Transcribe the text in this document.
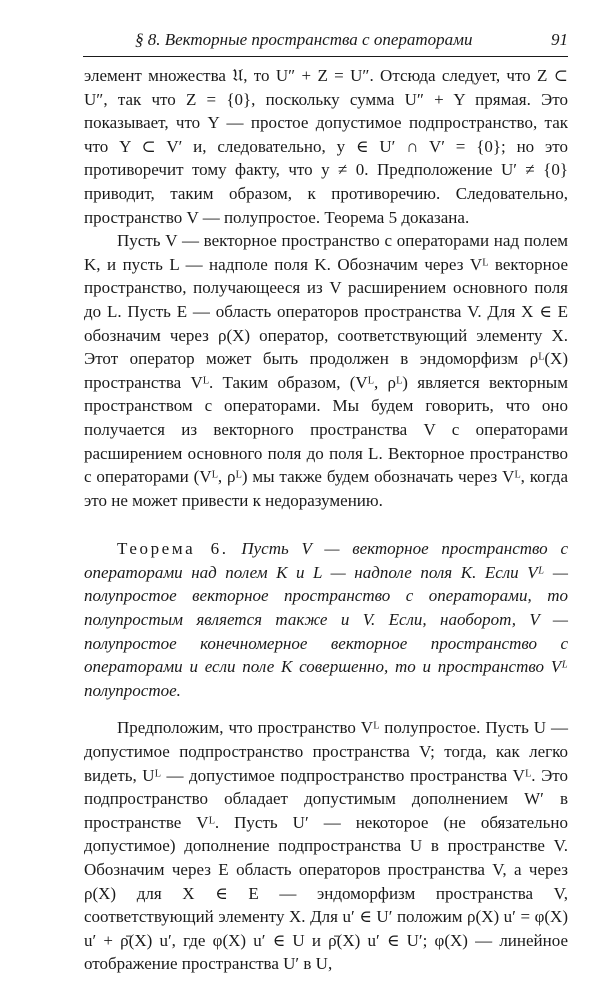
§ 8. Векторные пространства с операторами	91

элемент множества 𝔘, то U″ + Z = U″. Отсюда следует, что Z ⊂ U″, так что Z = {0}, поскольку сумма U″ + Y прямая. Это показывает, что Y — простое допустимое подпространство, так что Y ⊂ V′ и, следовательно, y ∈ U′ ∩ V′ = {0}; но это противоречит тому факту, что y ≠ 0. Предположение U′ ≠ {0} приводит, таким образом, к противоречию. Следовательно, пространство V — полупростое. Теорема 5 доказана.

Пусть V — векторное пространство с операторами над полем K, и пусть L — надполе поля K. Обозначим через Vᴸ векторное пространство, получающееся из V расширением основного поля до L. Пусть E — область операторов пространства V. Для X ∈ E обозначим через ρ(X) оператор, соответствующий элементу X. Этот оператор может быть продолжен в эндоморфизм ρᴸ(X) пространства Vᴸ. Таким образом, (Vᴸ, ρᴸ) является векторным пространством с операторами. Мы будем говорить, что оно получается из векторного пространства V с операторами расширением основного поля до поля L. Векторное пространство с операторами (Vᴸ, ρᴸ) мы также будем обозначать через Vᴸ, когда это не может привести к недоразумению.

Теорема 6. Пусть V — векторное пространство с операторами над полем K и L — надполе поля K. Если Vᴸ — полупростое векторное пространство с операторами, то полупростым является также и V. Если, наоборот, V — полупростое конечномерное векторное пространство с операторами и если поле K совершенно, то и пространство Vᴸ полупростое.

Предположим, что пространство Vᴸ полупростое. Пусть U — допустимое подпространство пространства V; тогда, как легко видеть, Uᴸ — допустимое подпространство пространства Vᴸ. Это подпространство обладает допустимым дополнением W′ в пространстве Vᴸ. Пусть U′ — некоторое (не обязательно допустимое) дополнение подпространства U в пространстве V. Обозначим через E область операторов пространства V, а через ρ(X) для X ∈ E — эндоморфизм пространства V, соответствующий элементу X. Для u′ ∈ U′ положим ρ(X) u′ = φ(X) u′ + ρ̄(X) u′, где φ(X) u′ ∈ U и ρ̄(X) u′ ∈ U′; φ(X) — линейное отображение пространства U′ в U,
